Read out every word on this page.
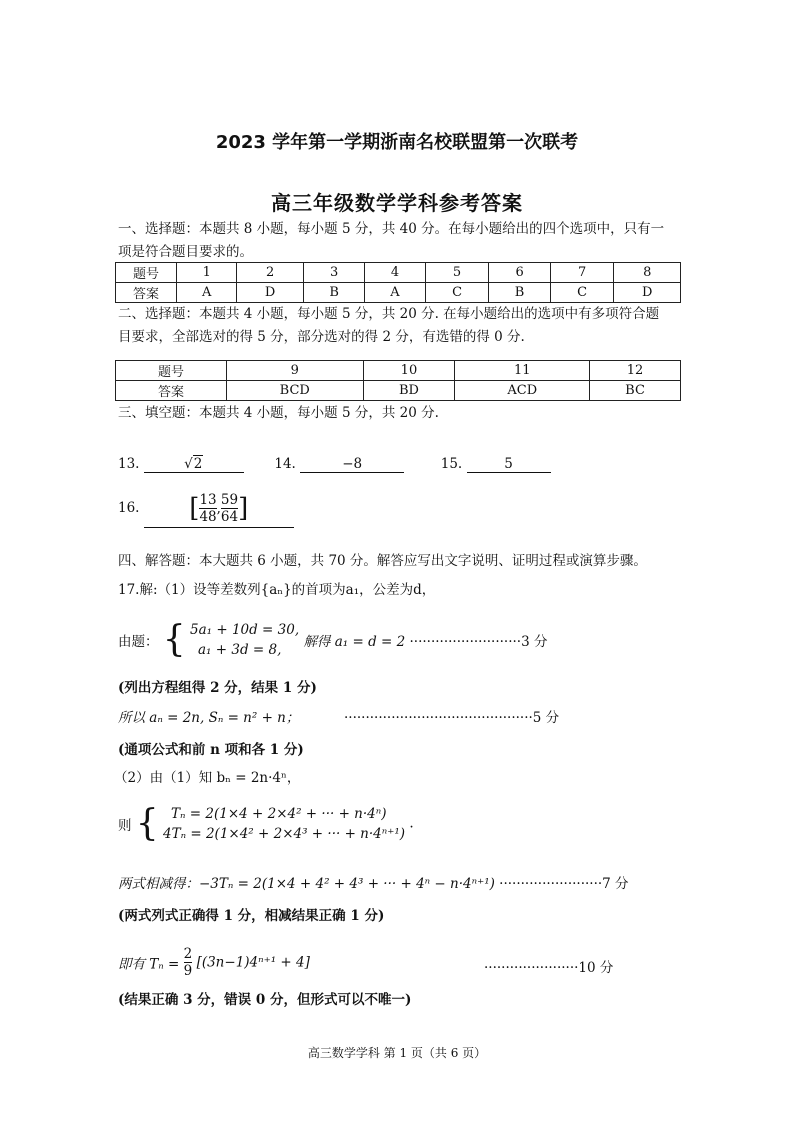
2023 学年第一学期浙南名校联盟第一次联考
高三年级数学学科参考答案
一、选择题：本题共 8 小题，每小题 5 分，共 40 分。在每小题给出的四个选项中，只有一
项是符合题目要求的。
题号	1	2	3	4	5	6	7	8
答案	A	D	B	A	C	B	C	D
二、选择题：本题共 4 小题，每小题 5 分，共 20 分. 在每小题给出的选项中有多项符合题
目要求，全部选对的得 5 分，部分选对的得 2 分，有选错的得 0 分.
题号	9	10	11	12
答案	BCD	BD	ACD	BC
三、填空题：本题共 4 小题，每小题 5 分，共 20 分.
13.	√2	14.	−8	15.	5
16. [ $\frac{13}{48}$ , $\frac{59}{64}$ ]
四、解答题：本大题共 6 小题，共 70 分。解答应写出文字说明、证明过程或演算步骤。
17.解:（1）设等差数列{aₙ}的首项为a₁，公差为d，
由题： { 5a₁ + 10d = 30,
a₁ + 3d = 8,	解得 a₁ = d = 2 ··························3 分
(列出方程组得 2 分，结果 1 分)
所以 aₙ = 2n, Sₙ = n² + n；	············································5 分
(通项公式和前 n 项和各 1 分)
（2）由（1）知 bₙ = 2n·4ⁿ，
则 { Tₙ = 2(1×4 + 2×4² + ··· + n·4ⁿ)
4Tₙ = 2(1×4² + 2×4³ + ··· + n·4ⁿ⁺¹)
.
两式相减得：−3Tₙ = 2(1×4 + 4² + 4³ + ··· + 4ⁿ − n·4ⁿ⁺¹) ························7 分
(两式列式正确得 1 分，相减结果正确 1 分)
即有 $T_n = \frac{2}{9} [(3n-1)4^{n+1} + 4]$	······················10 分
(结果正确 3 分，错误 0 分，但形式可以不唯一)
高三数学学科 第 1 页（共 6 页）
